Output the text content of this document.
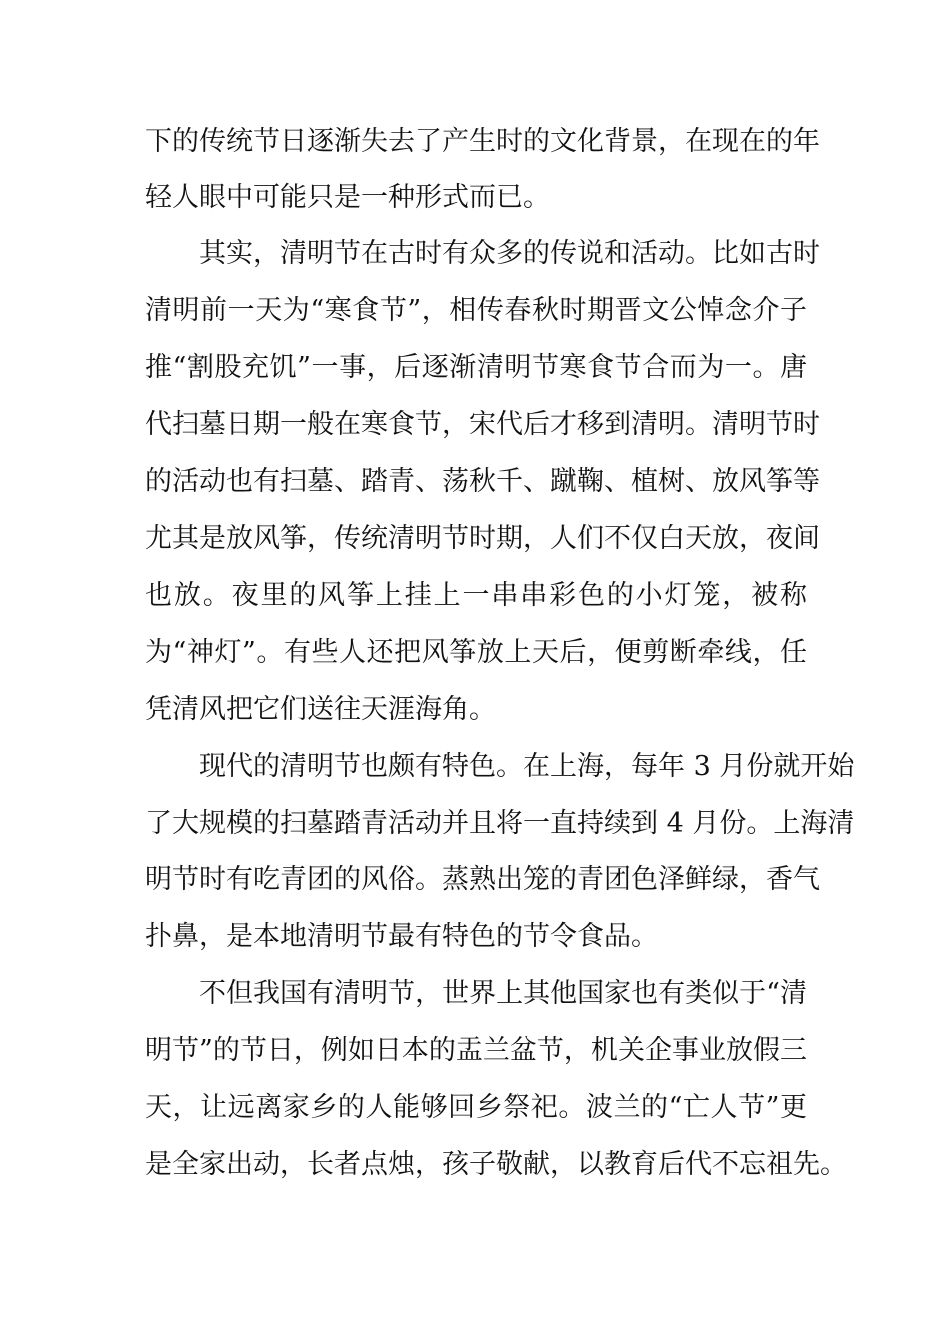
下的传统节日逐渐失去了产生时的文化背景，在现在的年

轻人眼中可能只是一种形式而已。

其实，清明节在古时有众多的传说和活动。比如古时

清明前一天为“寒食节”，相传春秋时期晋文公悼念介子

推“割股充饥”一事，后逐渐清明节寒食节合而为一。唐

代扫墓日期一般在寒食节，宋代后才移到清明。清明节时

的活动也有扫墓、踏青、荡秋千、蹴鞠、植树、放风筝等

尤其是放风筝，传统清明节时期，人们不仅白天放，夜间

也放。夜里的风筝上挂上一串串彩色的小灯笼，被称

为“神灯”。有些人还把风筝放上天后，便剪断牵线，任

凭清风把它们送往天涯海角。

现代的清明节也颇有特色。在上海，每年 3 月份就开始

了大规模的扫墓踏青活动并且将一直持续到 4 月份。上海清

明节时有吃青团的风俗。蒸熟出笼的青团色泽鲜绿，香气

扑鼻，是本地清明节最有特色的节令食品。

不但我国有清明节，世界上其他国家也有类似于“清

明节”的节日，例如日本的盂兰盆节，机关企事业放假三

天，让远离家乡的人能够回乡祭祀。波兰的“亡人节”更

是全家出动，长者点烛，孩子敬献，以教育后代不忘祖先。
